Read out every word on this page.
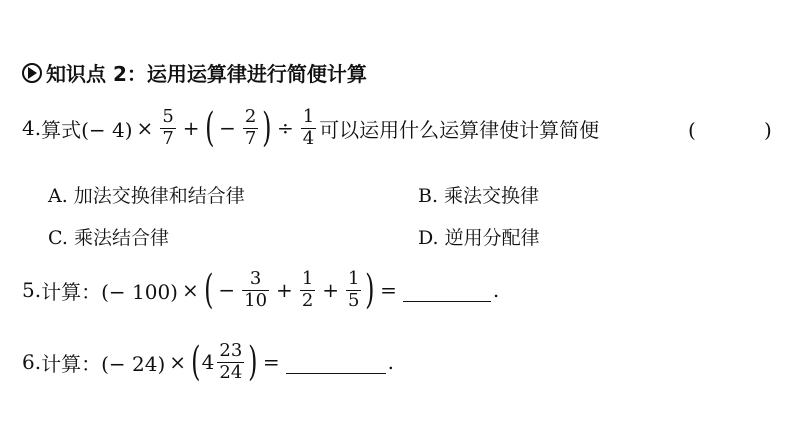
知识点 2：运用运算律进行简便计算
4. 算式(− $4) \times \frac{5}{7}$ + ( − $\frac{2}{7}$ ) ÷ $\frac{1}{4}$ 可以运用什么运算律使计算简便	(	)
A. 加法交换律和结合律	B. 乘法交换律
C. 乘法结合律	D. 逆用分配律
5. 计算：(− 100) × ( − $\frac{3}{10} + \frac{1}{2} + \frac{1}{5}$ ) =	.
6. 计算：(− 24) × ( $4 \frac{23}{24}$ ) =	.
